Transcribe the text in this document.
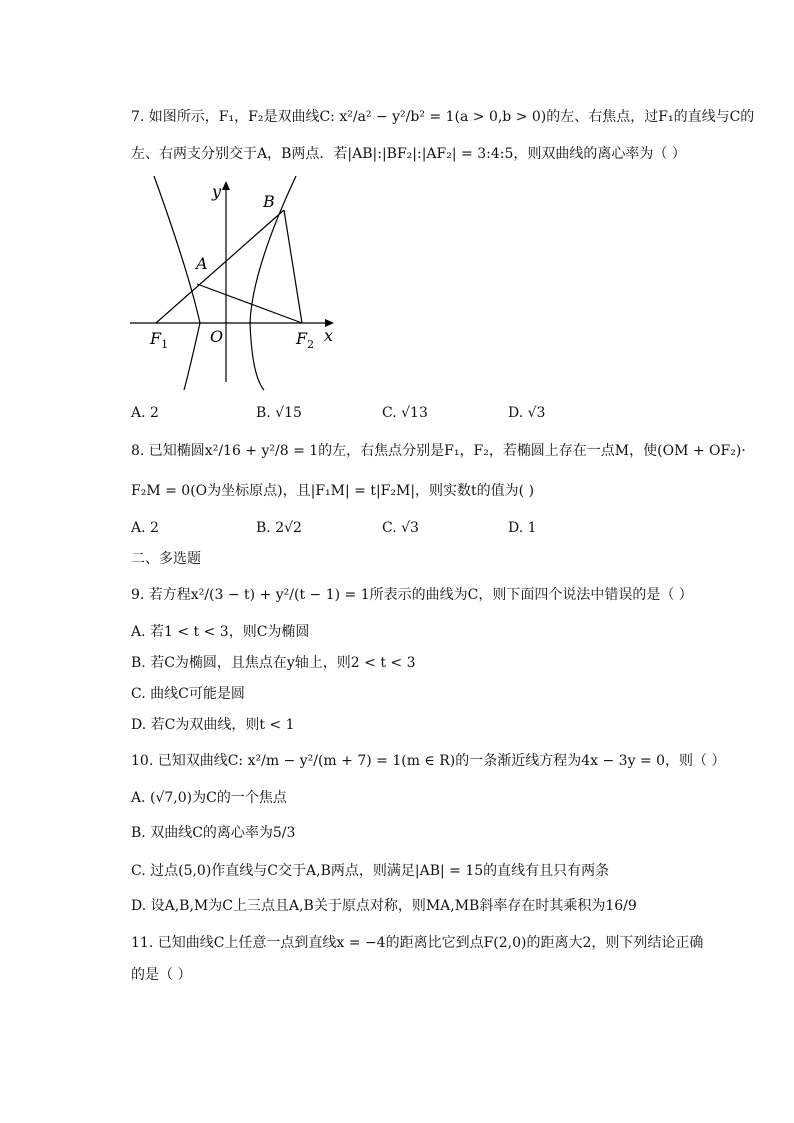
7. 如图所示，F₁，F₂是双曲线C: x²/a² − y²/b² = 1(a > 0,b > 0)的左、右焦点，过F₁的直线与C的
左、右两支分别交于A，B两点．若|AB|:|BF₂|:|AF₂| = 3:4:5，则双曲线的离心率为（ ）
y
B
A
O	x
$F_1$	$F_2$
A. 2	B. √15	C. √13	D. √3
8. 已知椭圆x²/16 + y²/8 = 1的左，右焦点分别是F₁，F₂，若椭圆上存在一点M，使(OM + OF₂)·
F₂M = 0(O为坐标原点)，且|F₁M| = t|F₂M|，则实数t的值为( )
A. 2	B. 2√2	C. √3	D. 1
二、多选题
9. 若方程x²/(3 − t) + y²/(t − 1) = 1所表示的曲线为C，则下面四个说法中错误的是（ ）
A. 若1 < t < 3，则C为椭圆
B. 若C为椭圆，且焦点在y轴上，则2 < t < 3
C. 曲线C可能是圆
D. 若C为双曲线，则t < 1
10. 已知双曲线C: x²/m − y²/(m + 7) = 1(m ∈ R)的一条渐近线方程为4x − 3y = 0，则（ ）
A. (√7,0)为C的一个焦点
B. 双曲线C的离心率为5/3
C. 过点(5,0)作直线与C交于A,B两点，则满足|AB| = 15的直线有且只有两条
D. 设A,B,M为C上三点且A,B关于原点对称，则MA,MB斜率存在时其乘积为16/9
11. 已知曲线C上任意一点到直线x = −4的距离比它到点F(2,0)的距离大2，则下列结论正确
的是（ ）
